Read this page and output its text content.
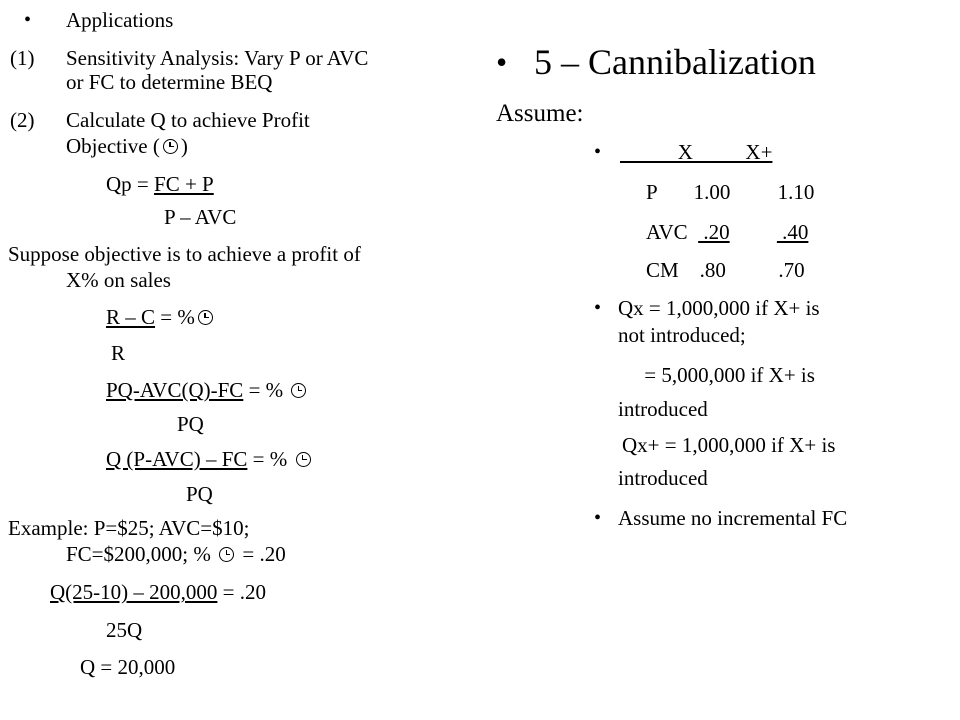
• Applications
(1) Sensitivity Analysis: Vary P or AVC
or FC to determine BEQ
(2) Calculate Q to achieve Profit
Objective ( )
Qp = FC + P
P – AVC
Suppose objective is to achieve a profit of
X% on sales
R – C = %
R
PQ-AVC(Q)-FC = %
PQ
Q (P-AVC) – FC = %
PQ
Example: P=$25; AVC=$10;
FC=$200,000; %  = .20
Q(25-10) – 200,000 = .20
25Q
Q = 20,000
• 5 – Cannibalization
Assume:
• X          X+
P       1.00         1.10
AVC   .20          .40
CM    .80          .70
• Qx = 1,000,000 if X+ is
not introduced;
= 5,000,000 if X+ is
introduced
Qx+ = 1,000,000 if X+ is
introduced
• Assume no incremental FC
